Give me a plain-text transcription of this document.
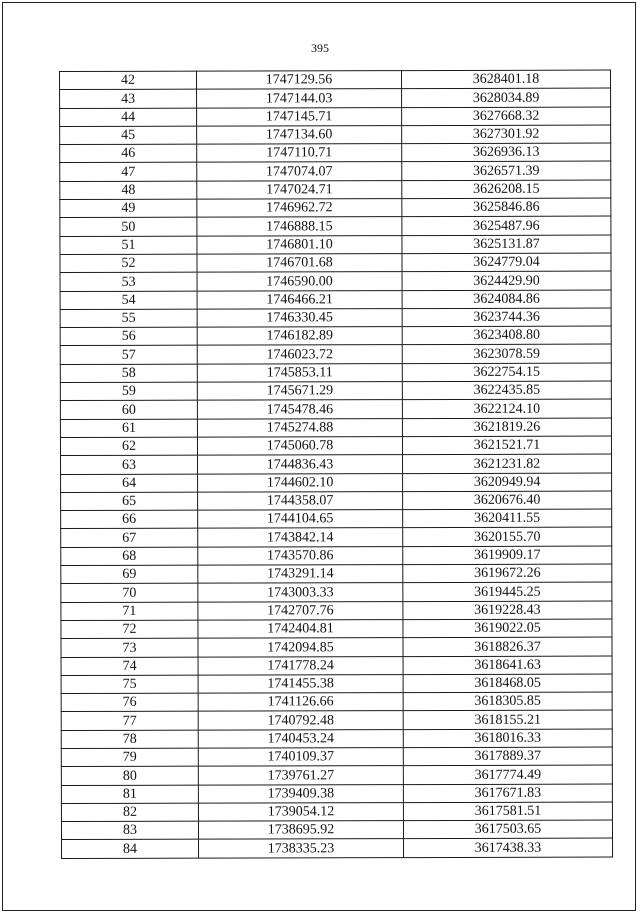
395
42	1747129.56	3628401.18
43	1747144.03	3628034.89
44	1747145.71	3627668.32
45	1747134.60	3627301.92
46	1747110.71	3626936.13
47	1747074.07	3626571.39
48	1747024.71	3626208.15
49	1746962.72	3625846.86
50	1746888.15	3625487.96
51	1746801.10	3625131.87
52	1746701.68	3624779.04
53	1746590.00	3624429.90
54	1746466.21	3624084.86
55	1746330.45	3623744.36
56	1746182.89	3623408.80
57	1746023.72	3623078.59
58	1745853.11	3622754.15
59	1745671.29	3622435.85
60	1745478.46	3622124.10
61	1745274.88	3621819.26
62	1745060.78	3621521.71
63	1744836.43	3621231.82
64	1744602.10	3620949.94
65	1744358.07	3620676.40
66	1744104.65	3620411.55
67	1743842.14	3620155.70
68	1743570.86	3619909.17
69	1743291.14	3619672.26
70	1743003.33	3619445.25
71	1742707.76	3619228.43
72	1742404.81	3619022.05
73	1742094.85	3618826.37
74	1741778.24	3618641.63
75	1741455.38	3618468.05
76	1741126.66	3618305.85
77	1740792.48	3618155.21
78	1740453.24	3618016.33
79	1740109.37	3617889.37
80	1739761.27	3617774.49
81	1739409.38	3617671.83
82	1739054.12	3617581.51
83	1738695.92	3617503.65
84	1738335.23	3617438.33
